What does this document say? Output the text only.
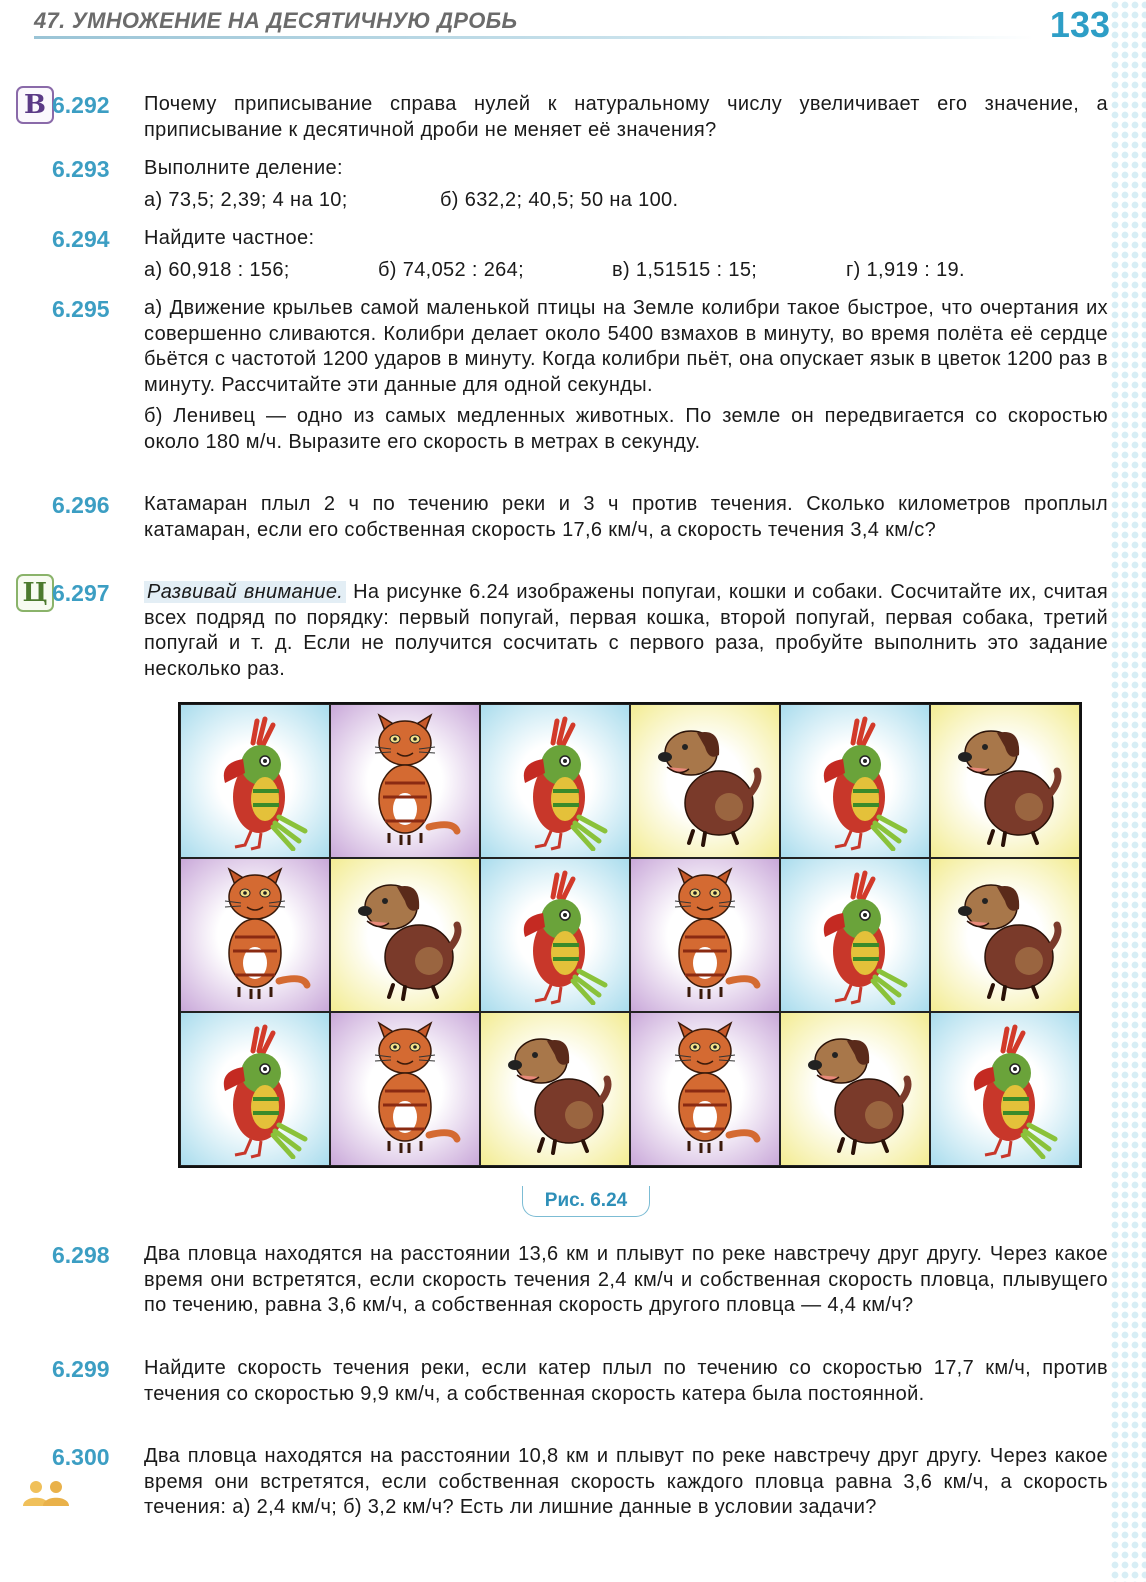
47. УМНОЖЕНИЕ НА ДЕСЯТИЧНУЮ ДРОБЬ	133
В 6.292 Почему приписывание справа нулей к натуральному числу увеличивает его значение, а приписывание к десятичной дроби не меняет её значения?

6.293 Выполните деление:

а) 73,5; 2,39; 4 на 10;	б) 632,2; 40,5; 50 на 100.
6.294 Найдите частное:

а) 60,918 : 156;	б) 74,052 : 264;	в) 1,51515 : 15;	г) 1,919 : 19.
6.295 а) Движение крыльев самой маленькой птицы на Земле колибри такое быстрое, что очертания их совершенно сливаются. Колибри делает около 5400 взмахов в минуту, во время полёта её сердце бьётся с частотой 1200 ударов в минуту. Когда колибри пьёт, она опускает язык в цветок 1200 раз в минуту. Рассчитайте эти данные для одной секунды.

б) Ленивец — одно из самых медленных животных. По земле он передвигается со скоростью около 180 м/ч. Выразите его скорость в метрах в секунду.

6.296 Катамаран плыл 2 ч по течению реки и 3 ч против течения. Сколько километров проплыл катамаран, если его собственная скорость 17,6 км/ч, а скорость течения 3,4 км/с?

Ц 6.297 Развивай внимание. На рисунке 6.24 изображены попугаи, кошки и собаки. Сосчитайте их, считая всех подряд по порядку: первый попугай, первая кошка, второй попугай, первая собака, третий попугай и т. д. Если не получится сосчитать с первого раза, пробуйте выполнить это задание несколько раз.

Рис. 6.24
6.298 Два пловца находятся на расстоянии 13,6 км и плывут по реке навстречу друг другу. Через какое время они встретятся, если скорость течения 2,4 км/ч и собственная скорость пловца, плывущего по течению, равна 3,6 км/ч, а собственная скорость другого пловца — 4,4 км/ч?

6.299 Найдите скорость течения реки, если катер плыл по течению со скоростью 17,7 км/ч, против течения со скоростью 9,9 км/ч, а собственная скорость катера была постоянной.

6.300 Два пловца находятся на расстоянии 10,8 км и плывут по реке навстречу друг другу. Через какое время они встретятся, если собственная скорость каждого пловца равна 3,6 км/ч, а скорость течения: а) 2,4 км/ч; б) 3,2 км/ч? Есть ли лишние данные в условии задачи?
